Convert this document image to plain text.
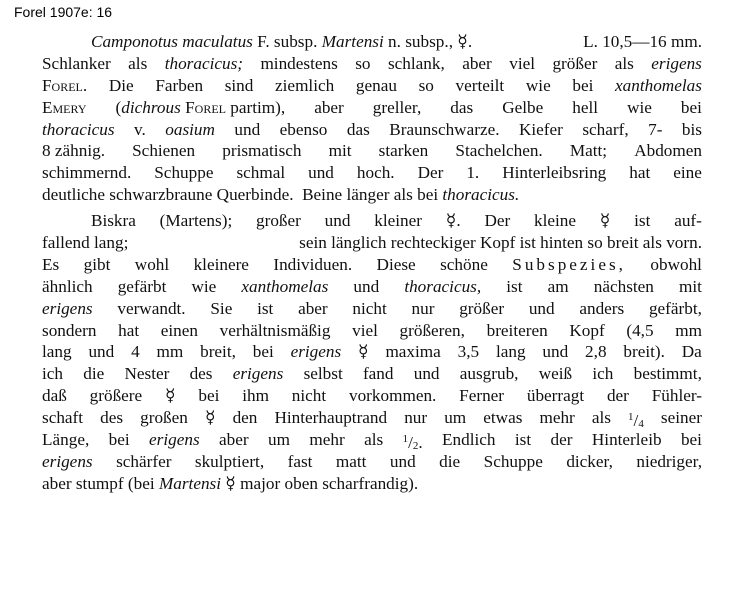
Forel 1907e: 16
Camponotus maculatus F. subsp. Martensi n. subsp., ☿.	L. 10,5—16 mm.
Schlanker als thoracicus; mindestens so schlank, aber viel größer als erigens
Forel. Die Farben sind ziemlich genau so verteilt wie bei xanthomelas
Emery (dichrous Forel partim), aber greller, das Gelbe hell wie bei
thoracicus v. oasium und ebenso das Braunschwarze. Kiefer scharf, 7- bis
8 zähnig. Schienen prismatisch mit starken Stachelchen. Matt; Abdomen
schimmernd. Schuppe schmal und hoch. Der 1. Hinterleibsring hat eine
deutliche schwarzbraune Querbinde.  Beine länger als bei thoracicus.
Biskra (Martens); großer und kleiner ☿. Der kleine ☿ ist auf-
fallend lang;	sein länglich rechteckiger Kopf ist hinten so breit als vorn.
Es gibt wohl kleinere Individuen. Diese schöne Subspezies, obwohl
ähnlich gefärbt wie xanthomelas und thoracicus, ist am nächsten mit
erigens verwandt. Sie ist aber nicht nur größer und anders gefärbt,
sondern hat einen verhältnismäßig viel größeren, breiteren Kopf (4,5 mm
lang und 4 mm breit, bei erigens ☿ maxima 3,5 lang und 2,8 breit). Da
ich die Nester des erigens selbst fand und ausgrub, weiß ich bestimmt,
daß größere ☿ bei ihm nicht vorkommen. Ferner überragt der Fühler-
schaft des großen ☿ den Hinterhauptrand nur um etwas mehr als $^1$/4 seiner
Länge, bei erigens aber um mehr als $^1$/2. Endlich ist der Hinterleib bei
erigens schärfer skulptiert, fast matt und die Schuppe dicker, niedriger,
aber stumpf (bei Martensi ☿ major oben scharfrandig).
